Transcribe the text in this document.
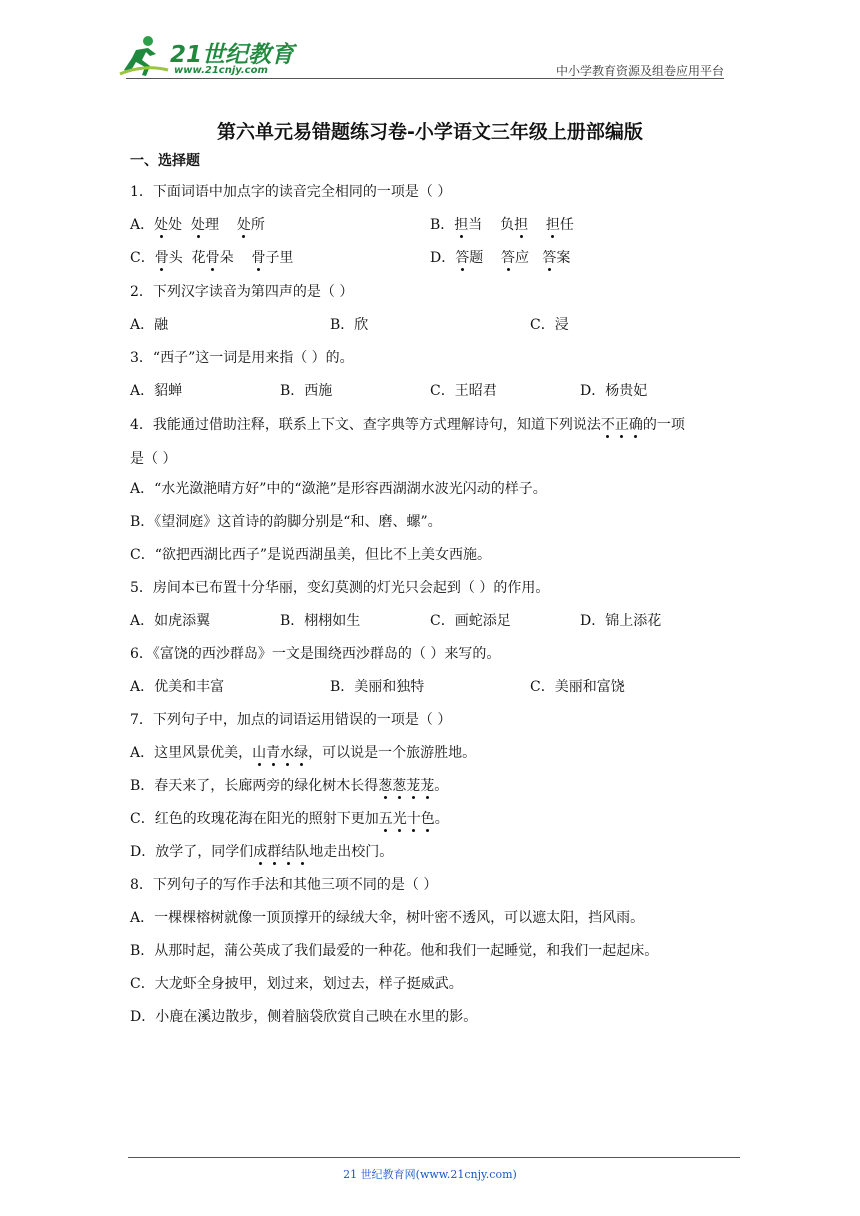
21世纪教育
www.21cnjy.com	中小学教育资源及组卷应用平台
第六单元易错题练习卷-小学语文三年级上册部编版
一、选择题
1．下面词语中加点字的读音完全相同的一项是（ ）
A．处处  处理    处所	B．担当    负担 担任
C．骨头  花骨朵    骨子里	D．答题    答应   答案
2．下列汉字读音为第四声的是（ ）
A．融	B．欣	C．浸
3．“西子”这一词是用来指（ ）的。
A．貂蝉	B．西施	C．王昭君	D．杨贵妃
4．我能通过借助注释，联系上下文、查字典等方式理解诗句，知道下列说法不正确的一项
是（ ）
A．“水光潋滟晴方好”中的“潋滟”是形容西湖湖水波光闪动的样子。
B．《望洞庭》这首诗的韵脚分别是“和、磨、螺”。
C．“欲把西湖比西子”是说西湖虽美，但比不上美女西施。
5．房间本已布置十分华丽，变幻莫测的灯光只会起到（ ）的作用。
A．如虎添翼	B．栩栩如生	C．画蛇添足	D．锦上添花
6．《富饶的西沙群岛》一文是围绕西沙群岛的（ ）来写的。
A．优美和丰富	B．美丽和独特	C．美丽和富饶
7．下列句子中，加点的词语运用错误的一项是（ ）
A．这里风景优美，山青水绿，可以说是一个旅游胜地。
B．春天来了，长廊两旁的绿化树木长得葱葱茏茏。
C．红色的玫瑰花海在阳光的照射下更加五光十色。
D．放学了，同学们成群结队地走出校门。
8．下列句子的写作手法和其他三项不同的是（ ）
A．一棵棵榕树就像一顶顶撑开的绿绒大伞，树叶密不透风，可以遮太阳，挡风雨。
B．从那时起，蒲公英成了我们最爱的一种花。他和我们一起睡觉，和我们一起起床。
C．大龙虾全身披甲，划过来，划过去，样子挺威武。
D．小鹿在溪边散步，侧着脑袋欣赏自己映在水里的影。
21 世纪教育网(www.21cnjy.com)
